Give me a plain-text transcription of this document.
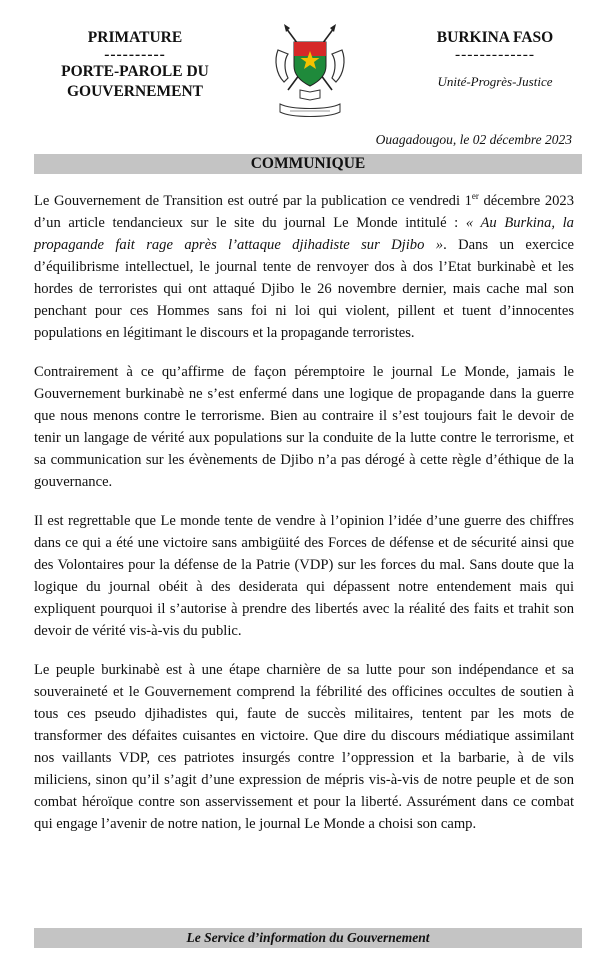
PRIMATURE
----------
PORTE-PAROLE DU
GOUVERNEMENT
BURKINA FASO
-------------
Unité-Progrès-Justice
Ouagadougou, le 02 décembre 2023
COMMUNIQUE

Le Gouvernement de Transition est outré par la publication ce vendredi 1er décembre 2023 d’un article tendancieux sur le site du journal Le Monde intitulé : « Au Burkina, la propagande fait rage après l’attaque djihadiste sur Djibo ». Dans un exercice d’équilibrisme intellectuel, le journal tente de renvoyer dos à dos l’Etat burkinabè et les hordes de terroristes qui ont attaqué Djibo le 26 novembre dernier, mais cache mal son penchant pour ces Hommes sans foi ni loi qui violent, pillent et tuent d’innocentes populations en légitimant le discours et la propagande terroristes.

Contrairement à ce qu’affirme de façon péremptoire le journal Le Monde, jamais le Gouvernement burkinabè ne s’est enfermé dans une logique de propagande dans la guerre que nous menons contre le terrorisme. Bien au contraire il s’est toujours fait le devoir de tenir un langage de vérité aux populations sur la conduite de la lutte contre le terrorisme, et sa communication sur les évènements de Djibo n’a pas dérogé à cette règle d’éthique de la gouvernance.

Il est regrettable que Le monde tente de vendre à l’opinion l’idée d’une guerre des chiffres dans ce qui a été une victoire sans ambigüité des Forces de défense et de sécurité ainsi que des Volontaires pour la défense de la Patrie (VDP) sur les forces du mal. Sans doute que la logique du journal obéit à des desiderata qui dépassent notre entendement mais qui expliquent pourquoi il s’autorise à prendre des libertés avec la réalité des faits et trahit son devoir de vérité vis-à-vis du public.

Le peuple burkinabè est à une étape charnière de sa lutte pour son indépendance et sa souveraineté et le Gouvernement comprend la fébrilité des officines occultes de soutien à tous ces pseudo djihadistes qui, faute de succès militaires, tentent par les mots de transformer des défaites cuisantes en victoire. Que dire du discours médiatique assimilant nos vaillants VDP, ces patriotes insurgés contre l’oppression et la barbarie, à de vils miliciens, sinon qu’il s’agit d’une expression de mépris vis-à-vis de notre peuple et de son combat héroïque contre son asservissement et pour la liberté. Assurément dans ce combat qui engage l’avenir de notre nation, le journal Le Monde a choisi son camp.

Le Service d’information du Gouvernement
